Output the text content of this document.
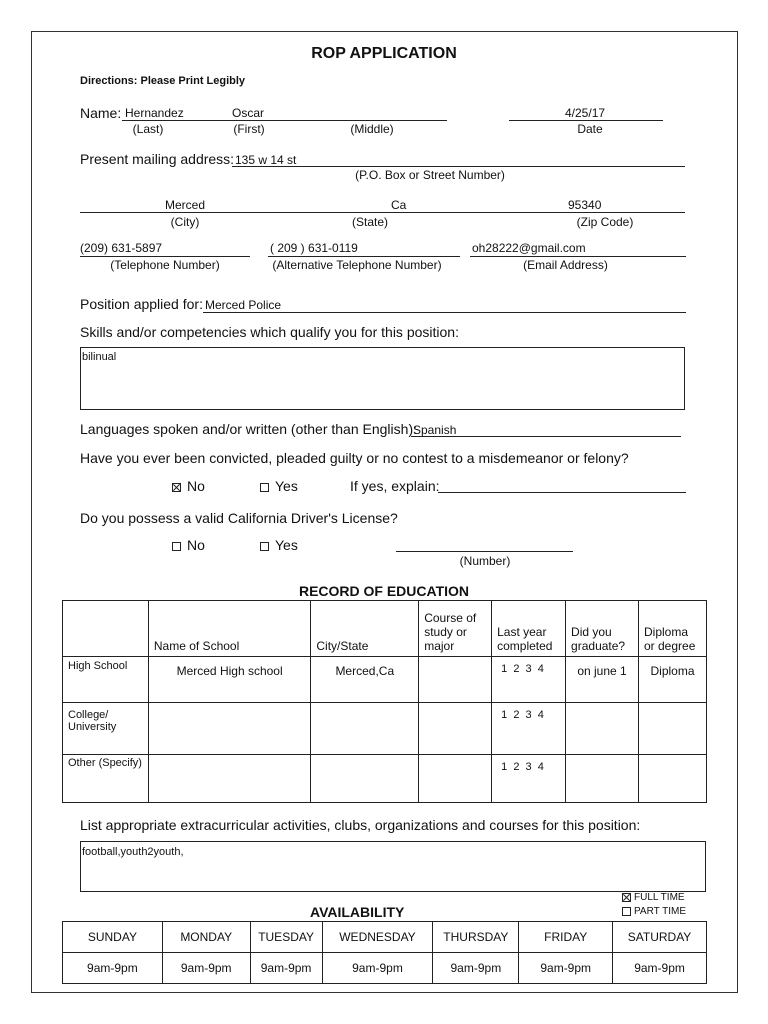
ROP APPLICATION
Directions: Please Print Legibly
Name: Hernandez	Oscar	4/25/17
(Last)	(First)	(Middle)	Date
Present mailing address: 135 w 14 st
(P.O. Box or Street Number)
Merced	Ca	95340
(City)	(State)	(Zip Code)
(209) 631-5897	( 209 ) 631-0119	oh28222@gmail.com
(Telephone Number)	(Alternative Telephone Number)	(Email Address)
Position applied for: Merced Police
Skills and/or competencies which qualify you for this position:
bilinual
Languages spoken and/or written (other than English):
Spanish
Have you ever been convicted, pleaded guilty or no contest to a misdemeanor or felony?
No	Yes	If yes, explain:
Do you possess a valid California Driver's License?
No	Yes
(Number)
RECORD OF EDUCATION
	Name of School	City/State	Course of study or major	Last year completed	Did you graduate?	Diploma or degree
High School	Merced High school	Merced,Ca		1  2  3  4	on june 1	Diploma
College/ University				1  2  3  4		
Other (Specify)				1  2  3  4		
List appropriate extracurricular activities, clubs, organizations and courses for this position:
football,youth2youth,
AVAILABILITY
FULL TIME
PART TIME
SUNDAY	MONDAY	TUESDAY	WEDNESDAY	THURSDAY	FRIDAY	SATURDAY
9am-9pm	9am-9pm	9am-9pm	9am-9pm	9am-9pm	9am-9pm	9am-9pm
